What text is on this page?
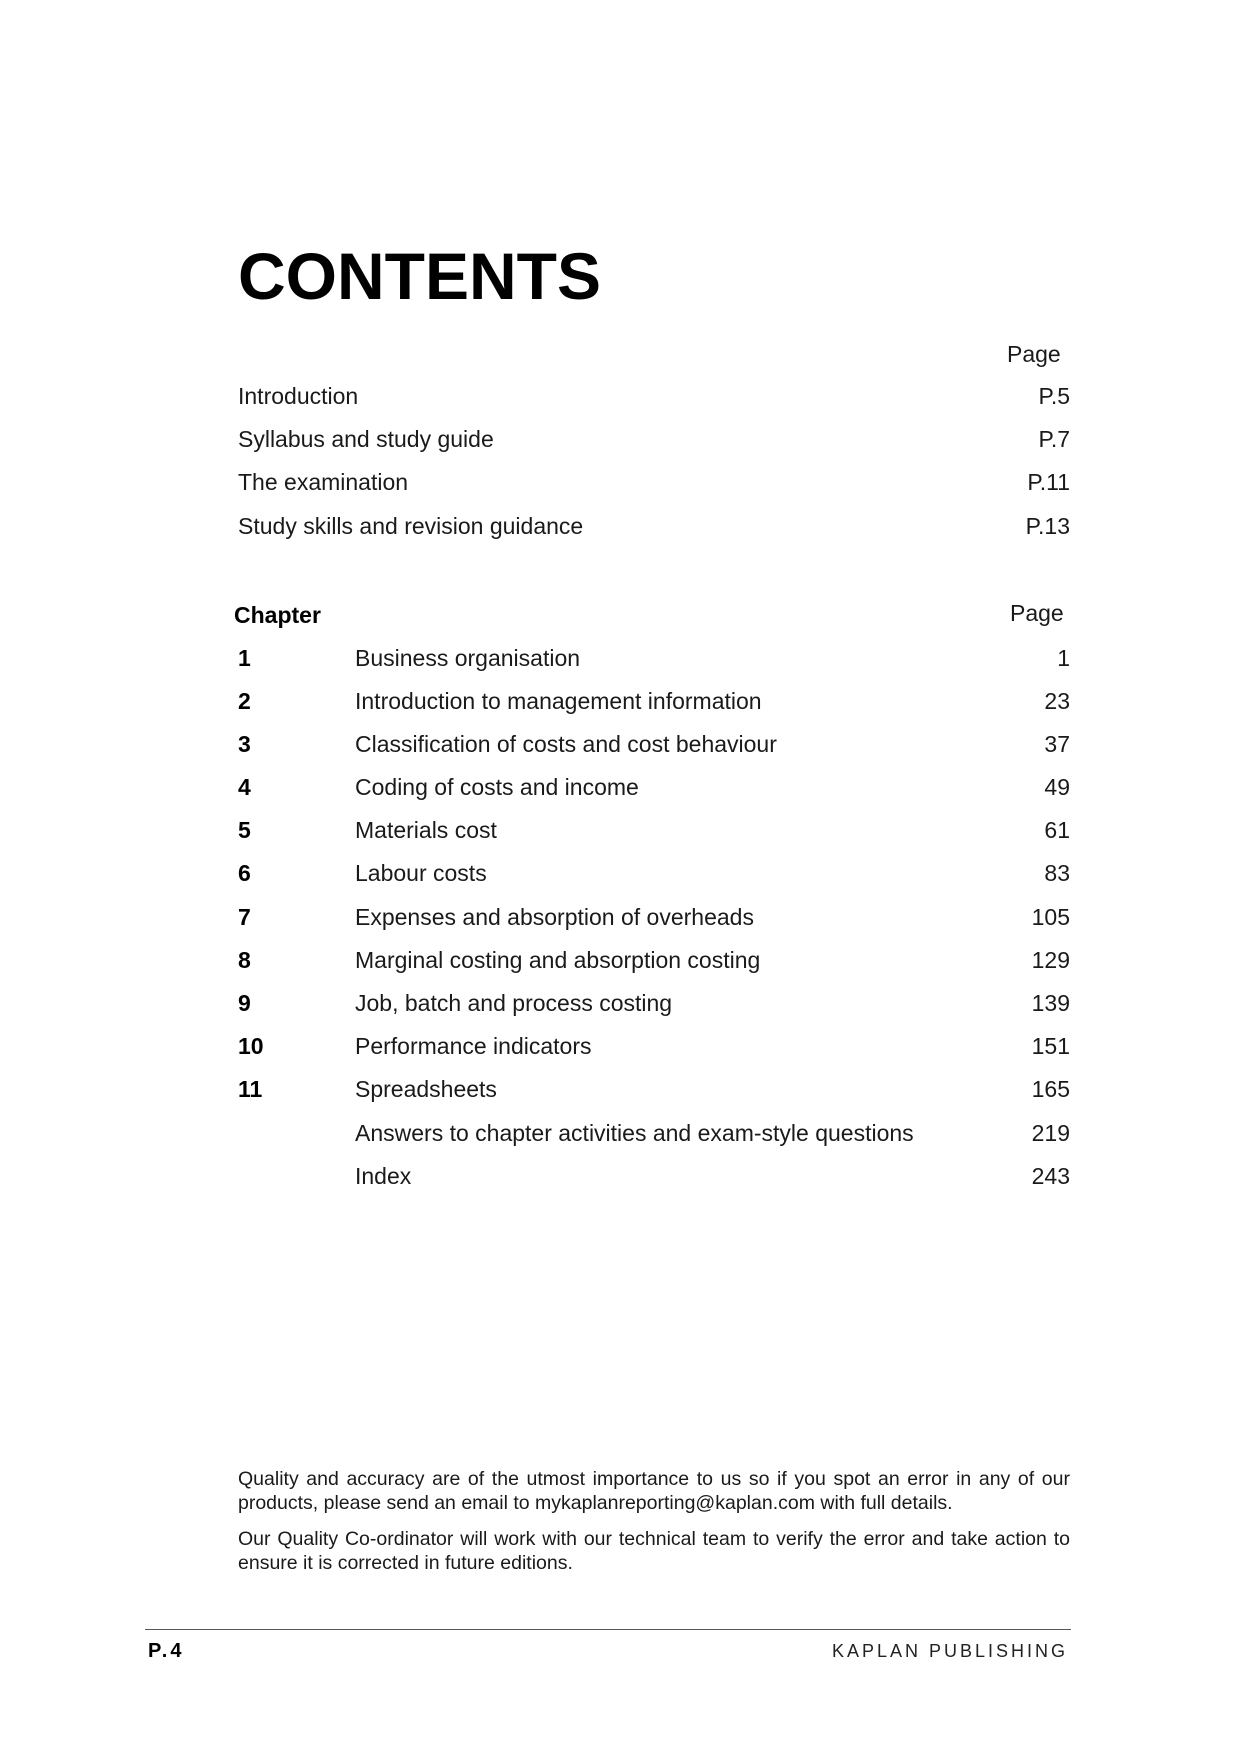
CONTENTS
Page
Introduction	P.5
Syllabus and study guide	P.7
The examination	P.11
Study skills and revision guidance	P.13
Chapter	Page
1	Business organisation	1
2	Introduction to management information	23
3	Classification of costs and cost behaviour	37
4	Coding of costs and income	49
5	Materials cost	61
6	Labour costs	83
7	Expenses and absorption of overheads	105
8	Marginal costing and absorption costing	129
9	Job, batch and process costing	139
10	Performance indicators	151
11	Spreadsheets	165
Answers to chapter activities and exam-style questions	219
Index	243

Quality and accuracy are of the utmost importance to us so if you spot an error in any of our products, please send an email to mykaplanreporting@kaplan.com with full details.

Our Quality Co-ordinator will work with our technical team to verify the error and take action to ensure it is corrected in future editions.

P.4	KAPLAN PUBLISHING
